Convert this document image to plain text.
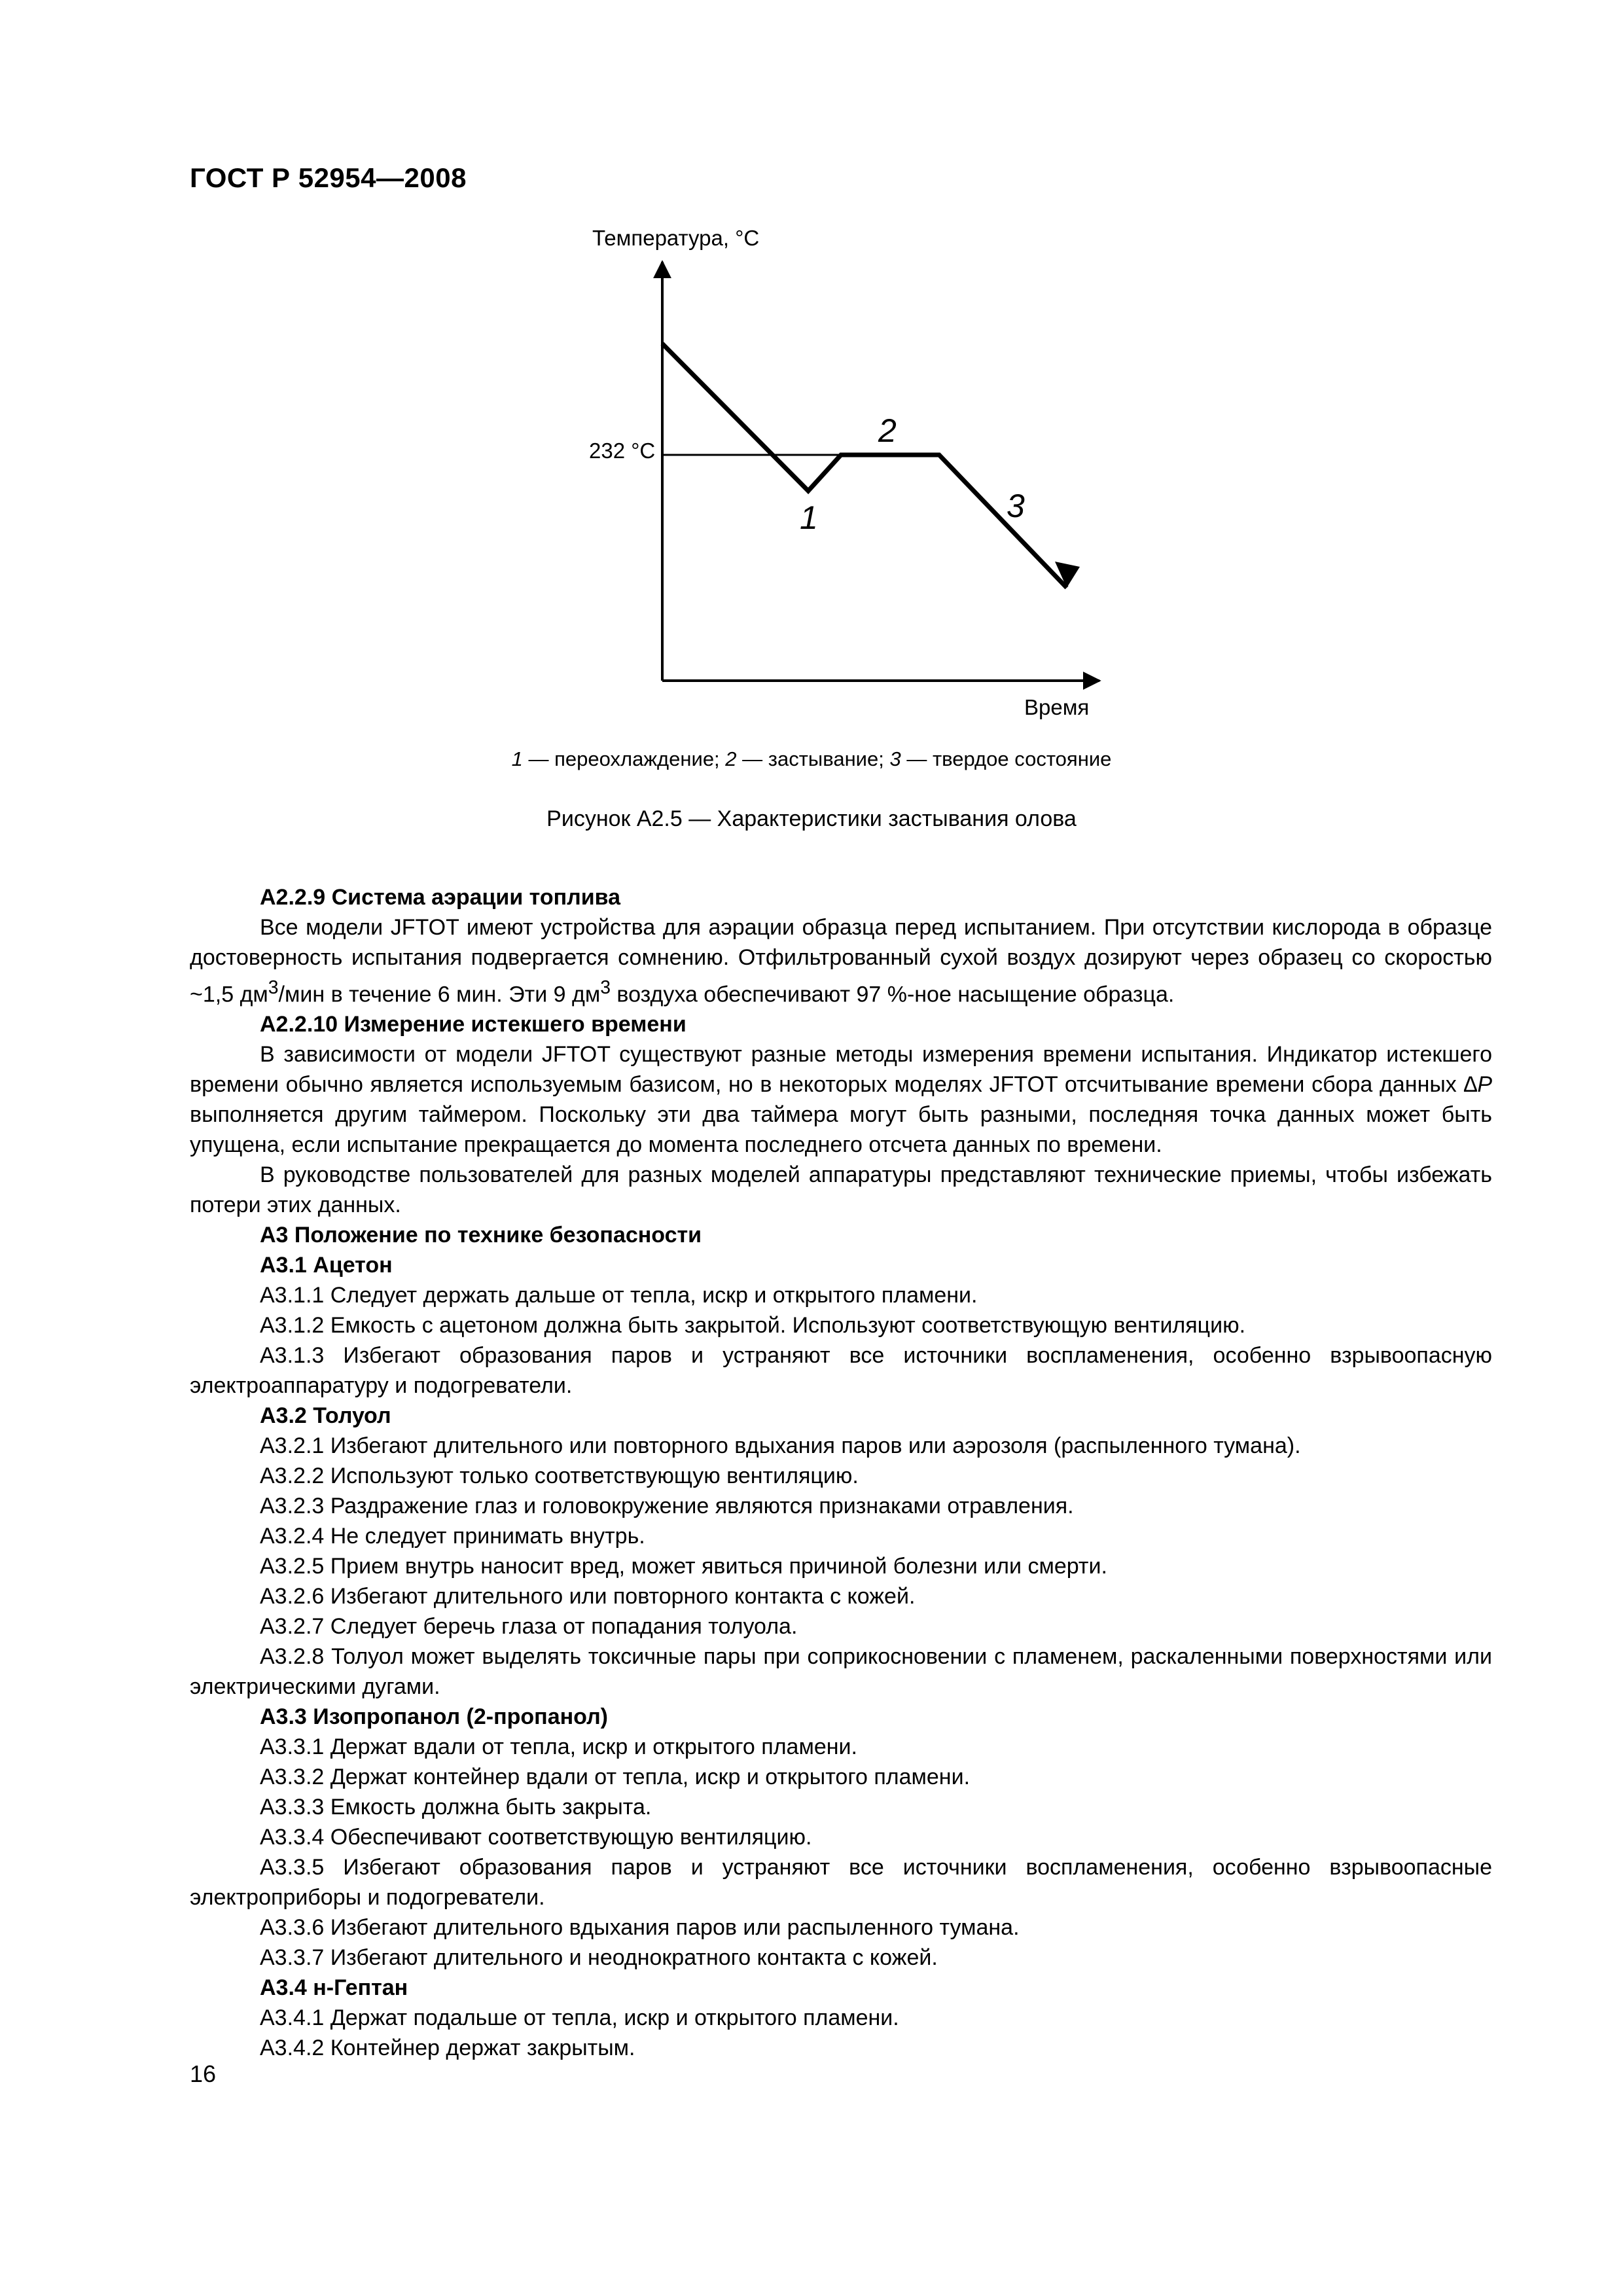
ГОСТ Р 52954—2008
Температура, °С
Время
232 °С
1
2
3
1 — переохлаждение; 2 — застывание; 3 — твердое состояние
Рисунок А2.5 — Характеристики застывания олова

А2.2.9 Система аэрации топлива

Все модели JFTOT имеют устройства для аэрации образца перед испытанием. При отсутствии кислорода в образце достоверность испытания подвергается сомнению. Отфильтрованный сухой воздух дозируют через образец со скоростью ~1,5 $дм^3$/мин в течение 6 мин. Эти 9 $дм^3$ воздуха обеспечивают 97 %-ное насыщение образца.

А2.2.10 Измерение истекшего времени

В зависимости от модели JFTOT существуют разные методы измерения времени испытания. Индикатор истекшего времени обычно является используемым базисом, но в некоторых моделях JFTOT отсчитывание времени сбора данных ∆P выполняется другим таймером. Поскольку эти два таймера могут быть разными, последняя точка данных может быть упущена, если испытание прекращается до момента последнего отсчета данных по времени.

В руководстве пользователей для разных моделей аппаратуры представляют технические приемы, чтобы избежать потери этих данных.

А3 Положение по технике безопасности

А3.1 Ацетон

А3.1.1 Следует держать дальше от тепла, искр и открытого пламени.

А3.1.2 Емкость с ацетоном должна быть закрытой. Используют соответствующую вентиляцию.

А3.1.3 Избегают образования паров и устраняют все источники воспламенения, особенно взрывоопасную электроаппаратуру и подогреватели.

А3.2 Толуол

А3.2.1 Избегают длительного или повторного вдыхания паров или аэрозоля (распыленного тумана).

А3.2.2 Используют только соответствующую вентиляцию.

А3.2.3 Раздражение глаз и головокружение являются признаками отравления.

А3.2.4 Не следует принимать внутрь.

А3.2.5 Прием внутрь наносит вред, может явиться причиной болезни или смерти.

А3.2.6 Избегают длительного или повторного контакта с кожей.

А3.2.7 Следует беречь глаза от попадания толуола.

А3.2.8 Толуол может выделять токсичные пары при соприкосновении с пламенем, раскаленными поверхностями или электрическими дугами.

А3.3 Изопропанол (2-пропанол)

А3.3.1 Держат вдали от тепла, искр и открытого пламени.

А3.3.2 Держат контейнер вдали от тепла, искр и открытого пламени.

А3.3.3 Емкость должна быть закрыта.

А3.3.4 Обеспечивают соответствующую вентиляцию.

А3.3.5 Избегают образования паров и устраняют все источники воспламенения, особенно взрывоопасные электроприборы и подогреватели.

А3.3.6 Избегают длительного вдыхания паров или распыленного тумана.

А3.3.7 Избегают длительного и неоднократного контакта с кожей.

А3.4 н-Гептан

А3.4.1 Держат подальше от тепла, искр и открытого пламени.

А3.4.2 Контейнер держат закрытым.

16
